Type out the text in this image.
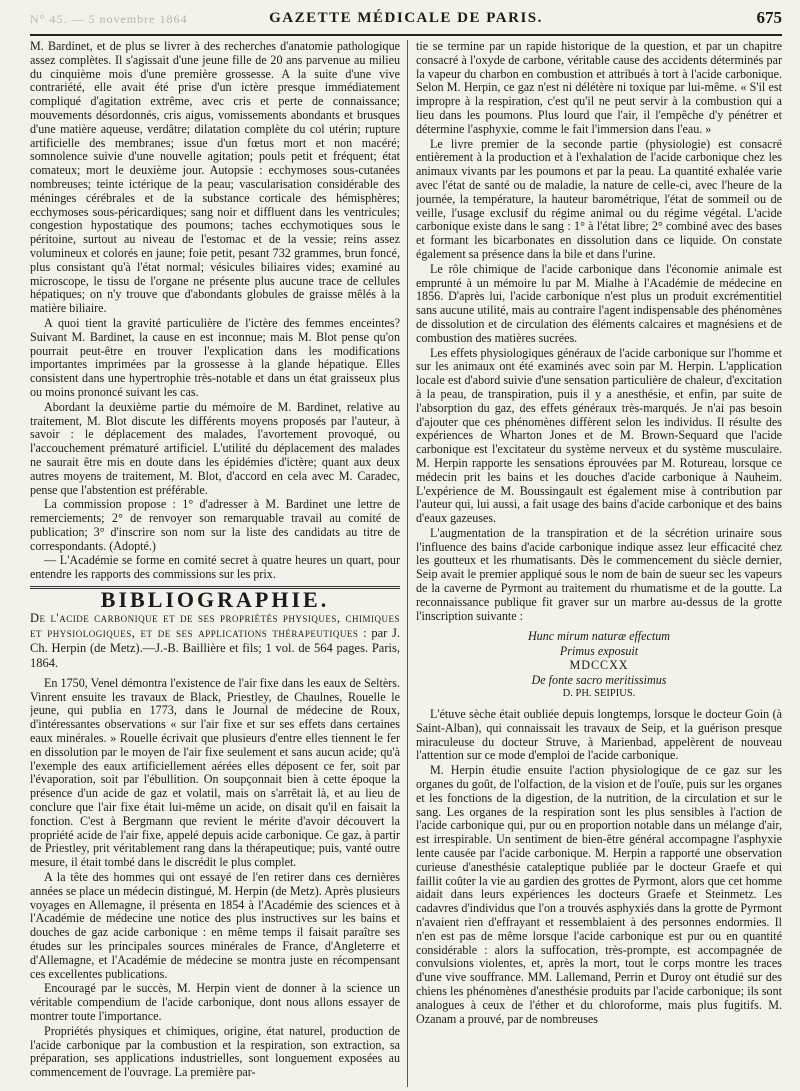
N° 45. — 5 novembre 1864	GAZETTE MÉDICALE DE PARIS.	675

M. Bardinet, et de plus se livrer à des recherches d'anatomie pathologique assez complètes. Il s'agissait d'une jeune fille de 20 ans parvenue au milieu du cinquième mois d'une première grossesse. A la suite d'une vive contrariété, elle avait été prise d'un ictère presque immédiatement compliqué d'agitation extrême, avec cris et perte de connaissance; mouvements désordonnés, cris aigus, vomissements abondants et brusques d'une matière aqueuse, verdâtre; dilatation complète du col utérin; rupture artificielle des membranes; issue d'un fœtus mort et non macéré; somnolence suivie d'une nouvelle agitation; pouls petit et fréquent; état comateux; mort le deuxième jour. Autopsie : ecchymoses sous-cutanées nombreuses; teinte ictérique de la peau; vascularisation considérable des méninges cérébrales et de la substance corticale des hémisphères; ecchymoses sous-péricardiques; sang noir et diffluent dans les ventricules; congestion hypostatique des poumons; taches ecchymotiques sous le péritoine, surtout au niveau de l'estomac et de la vessie; reins assez volumineux et colorés en jaune; foie petit, pesant 732 grammes, brun foncé, plus consistant qu'à l'état normal; vésicules biliaires vides; examiné au microscope, le tissu de l'organe ne présente plus aucune trace de cellules hépatiques; on n'y trouve que d'abondants globules de graisse mêlés à la matière biliaire.

A quoi tient la gravité particulière de l'ictère des femmes enceintes? Suivant M. Bardinet, la cause en est inconnue; mais M. Blot pense qu'on pourrait peut-être en trouver l'explication dans les modifications importantes imprimées par la grossesse à la glande hépatique. Elles consistent dans une hypertrophie très-notable et dans un état graisseux plus ou moins prononcé suivant les cas.

Abordant la deuxième partie du mémoire de M. Bardinet, relative au traitement, M. Blot discute les différents moyens proposés par l'auteur, à savoir : le déplacement des malades, l'avortement provoqué, ou l'accouchement prématuré artificiel. L'utilité du déplacement des malades ne saurait être mis en doute dans les épidémies d'ictère; quant aux deux autres moyens de traitement, M. Blot, d'accord en cela avec M. Caradec, pense que l'abstention est préférable.

La commission propose : 1° d'adresser à M. Bardinet une lettre de remerciements; 2° de renvoyer son remarquable travail au comité de publication; 3° d'inscrire son nom sur la liste des candidats au titre de correspondants. (Adopté.)

— L'Académie se forme en comité secret à quatre heures un quart, pour entendre les rapports des commissions sur les prix.

BIBLIOGRAPHIE.

De l'acide carbonique et de ses propriétés physiques, chimiques et physiologiques, et de ses applications thérapeutiques : par J. Ch. Herpin (de Metz).—J.-B. Baillière et fils; 1 vol. de 564 pages. Paris, 1864.

En 1750, Venel démontra l'existence de l'air fixe dans les eaux de Seltèrs. Vinrent ensuite les travaux de Black, Priestley, de Chaulnes, Rouelle le jeune, qui publia en 1773, dans le Journal de médecine de Roux, d'intéressantes observations « sur l'air fixe et sur ses effets dans certaines eaux minérales. » Rouelle écrivait que plusieurs d'entre elles tiennent le fer en dissolution par le moyen de l'air fixe seulement et sans aucun acide; qu'à l'exemple des eaux artificiellement aérées elles déposent ce fer, soit par l'évaporation, soit par l'ébullition. On soupçonnait bien à cette époque la présence d'un acide de gaz et volatil, mais on s'arrêtait là, et au lieu de conclure que l'air fixe était lui-même un acide, on disait qu'il en faisait la fonction. C'est à Bergmann que revient le mérite d'avoir découvert la propriété acide de l'air fixe, appelé depuis acide carbonique. Ce gaz, à partir de Priestley, prit véritablement rang dans la thérapeutique; puis, vanté outre mesure, il était tombé dans le discrédit le plus complet.

A la tête des hommes qui ont essayé de l'en retirer dans ces dernières années se place un médecin distingué, M. Herpin (de Metz). Après plusieurs voyages en Allemagne, il présenta en 1854 à l'Académie des sciences et à l'Académie de médecine une notice des plus instructives sur les bains et douches de gaz acide carbonique : en même temps il faisait paraître ses études sur les principales sources minérales de France, d'Angleterre et d'Allemagne, et l'Académie de médecine se montra juste en récompensant ces excellentes publications.

Encouragé par le succès, M. Herpin vient de donner à la science un véritable compendium de l'acide carbonique, dont nous allons essayer de montrer toute l'importance.

Propriétés physiques et chimiques, origine, état naturel, production de l'acide carbonique par la combustion et la respiration, son extraction, sa préparation, ses applications industrielles, sont longuement exposées au commencement de l'ouvrage. La première par-

tie se termine par un rapide historique de la question, et par un chapitre consacré à l'oxyde de carbone, véritable cause des accidents déterminés par la vapeur du charbon en combustion et attribués à tort à l'acide carbonique. Selon M. Herpin, ce gaz n'est ni délétère ni toxique par lui-même. « S'il est impropre à la respiration, c'est qu'il ne peut servir à la combustion qui a lieu dans les poumons. Plus lourd que l'air, il l'empêche d'y pénétrer et détermine l'asphyxie, comme le fait l'immersion dans l'eau. »

Le livre premier de la seconde partie (physiologie) est consacré entièrement à la production et à l'exhalation de l'acide carbonique chez les animaux vivants par les poumons et par la peau. La quantité exhalée varie avec l'état de santé ou de maladie, la nature de celle-ci, avec l'heure de la journée, la température, la hauteur barométrique, l'état de sommeil ou de veille, l'usage exclusif du régime animal ou du régime végétal. L'acide carbonique existe dans le sang : 1° à l'état libre; 2° combiné avec des bases et formant les bicarbonates en dissolution dans ce liquide. On constate également sa présence dans la bile et dans l'urine.

Le rôle chimique de l'acide carbonique dans l'économie animale est emprunté à un mémoire lu par M. Mialhe à l'Académie de médecine en 1856. D'après lui, l'acide carbonique n'est plus un produit excrémentitiel sans aucune utilité, mais au contraire l'agent indispensable des phénomènes de dissolution et de circulation des éléments calcaires et magnésiens et de combustion des matières sucrées.

Les effets physiologiques généraux de l'acide carbonique sur l'homme et sur les animaux ont été examinés avec soin par M. Herpin. L'application locale est d'abord suivie d'une sensation particulière de chaleur, d'excitation à la peau, de transpiration, puis il y a anesthésie, et enfin, par suite de l'absorption du gaz, des effets généraux très-marqués. Je n'ai pas besoin d'ajouter que ces phénomènes diffèrent selon les individus. Il résulte des expériences de Wharton Jones et de M. Brown-Sequard que l'acide carbonique est l'excitateur du système nerveux et du système musculaire. M. Herpin rapporte les sensations éprouvées par M. Rotureau, lorsque ce médecin prit les bains et les douches d'acide carbonique à Nauheim. L'expérience de M. Boussingault est également mise à contribution par l'auteur qui, lui aussi, a fait usage des bains d'acide carbonique et des bains d'eaux gazeuses.

L'augmentation de la transpiration et de la sécrétion urinaire sous l'influence des bains d'acide carbonique indique assez leur efficacité chez les goutteux et les rhumatisants. Dès le commencement du siècle dernier, Seip avait le premier appliqué sous le nom de bain de sueur sec les vapeurs de la caverne de Pyrmont au traitement du rhumatisme et de la goutte. La reconnaissance publique fit graver sur un marbre au-dessus de la grotte l'inscription suivante :

Hunc mirum naturæ effectum
Primus exposuit
MDCCXX
De fonte sacro meritissimus
D. PH. SEIPIUS.

L'étuve sèche était oubliée depuis longtemps, lorsque le docteur Goin (à Saint-Alban), qui connaissait les travaux de Seip, et la guérison presque miraculeuse du docteur Struve, à Marienbad, appelèrent de nouveau l'attention sur ce mode d'emploi de l'acide carbonique.

M. Herpin étudie ensuite l'action physiologique de ce gaz sur les organes du goût, de l'olfaction, de la vision et de l'ouïe, puis sur les organes et les fonctions de la digestion, de la nutrition, de la circulation et sur le sang. Les organes de la respiration sont les plus sensibles à l'action de l'acide carbonique qui, pur ou en proportion notable dans un mélange d'air, est irrespirable. Un sentiment de bien-être général accompagne l'asphyxie lente causée par l'acide carbonique. M. Herpin a rapporté une observation curieuse d'anesthésie cataleptique publiée par le docteur Graefe et qui faillit coûter la vie au gardien des grottes de Pyrmont, alors que cet homme aidait dans leurs expériences les docteurs Graefe et Steinmetz. Les cadavres d'individus que l'on a trouvés asphyxiés dans la grotte de Pyrmont n'avaient rien d'effrayant et ressemblaient à des personnes endormies. Il n'en est pas de même lorsque l'acide carbonique est pur ou en quantité considérable : alors la suffocation, très-prompte, est accompagnée de convulsions violentes, et, après la mort, tout le corps montre les traces d'une vive souffrance. MM. Lallemand, Perrin et Duroy ont étudié sur des chiens les phénomènes d'anesthésie produits par l'acide carbonique; ils sont analogues à ceux de l'éther et du chloroforme, mais plus fugitifs. M. Ozanam a prouvé, par de nombreuses
